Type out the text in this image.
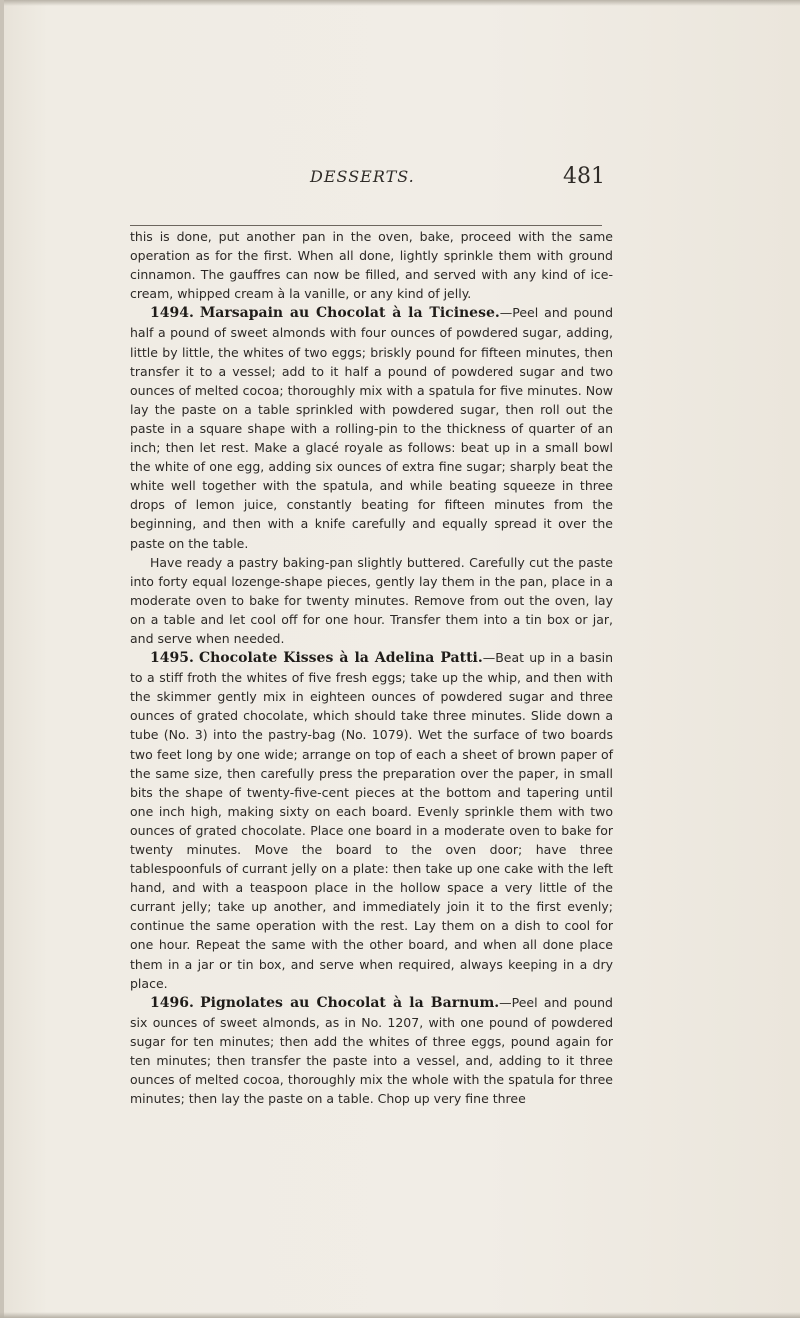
DESSERTS.	481

this is done, put another pan in the oven, bake, proceed with the same operation as for the first. When all done, lightly sprinkle them with ground cinnamon. The gauffres can now be filled, and served with any kind of ice-cream, whipped cream à la vanille, or any kind of jelly.

1494. Marsapain au Chocolat à la Ticinese.—Peel and pound half a pound of sweet almonds with four ounces of powdered sugar, adding, little by little, the whites of two eggs; briskly pound for fifteen minutes, then transfer it to a vessel; add to it half a pound of powdered sugar and two ounces of melted cocoa; thoroughly mix with a spatula for five minutes. Now lay the paste on a table sprinkled with powdered sugar, then roll out the paste in a square shape with a rolling-pin to the thickness of quarter of an inch; then let rest. Make a glacé royale as follows: beat up in a small bowl the white of one egg, adding six ounces of extra fine sugar; sharply beat the white well together with the spatula, and while beating squeeze in three drops of lemon juice, constantly beating for fifteen minutes from the beginning, and then with a knife carefully and equally spread it over the paste on the table.

Have ready a pastry baking-pan slightly buttered. Carefully cut the paste into forty equal lozenge-shape pieces, gently lay them in the pan, place in a moderate oven to bake for twenty minutes. Remove from out the oven, lay on a table and let cool off for one hour. Transfer them into a tin box or jar, and serve when needed.

1495. Chocolate Kisses à la Adelina Patti.—Beat up in a basin to a stiff froth the whites of five fresh eggs; take up the whip, and then with the skimmer gently mix in eighteen ounces of powdered sugar and three ounces of grated chocolate, which should take three minutes. Slide down a tube (No. 3) into the pastry-bag (No. 1079). Wet the surface of two boards two feet long by one wide; arrange on top of each a sheet of brown paper of the same size, then carefully press the preparation over the paper, in small bits the shape of twenty-five-cent pieces at the bottom and tapering until one inch high, making sixty on each board. Evenly sprinkle them with two ounces of grated chocolate. Place one board in a moderate oven to bake for twenty minutes. Move the board to the oven door; have three tablespoonfuls of currant jelly on a plate: then take up one cake with the left hand, and with a teaspoon place in the hollow space a very little of the currant jelly; take up another, and immediately join it to the first evenly; continue the same operation with the rest. Lay them on a dish to cool for one hour. Repeat the same with the other board, and when all done place them in a jar or tin box, and serve when required, always keeping in a dry place.

1496. Pignolates au Chocolat à la Barnum.—Peel and pound six ounces of sweet almonds, as in No. 1207, with one pound of powdered sugar for ten minutes; then add the whites of three eggs, pound again for ten minutes; then transfer the paste into a vessel, and, adding to it three ounces of melted cocoa, thoroughly mix the whole with the spatula for three minutes; then lay the paste on a table. Chop up very fine three
